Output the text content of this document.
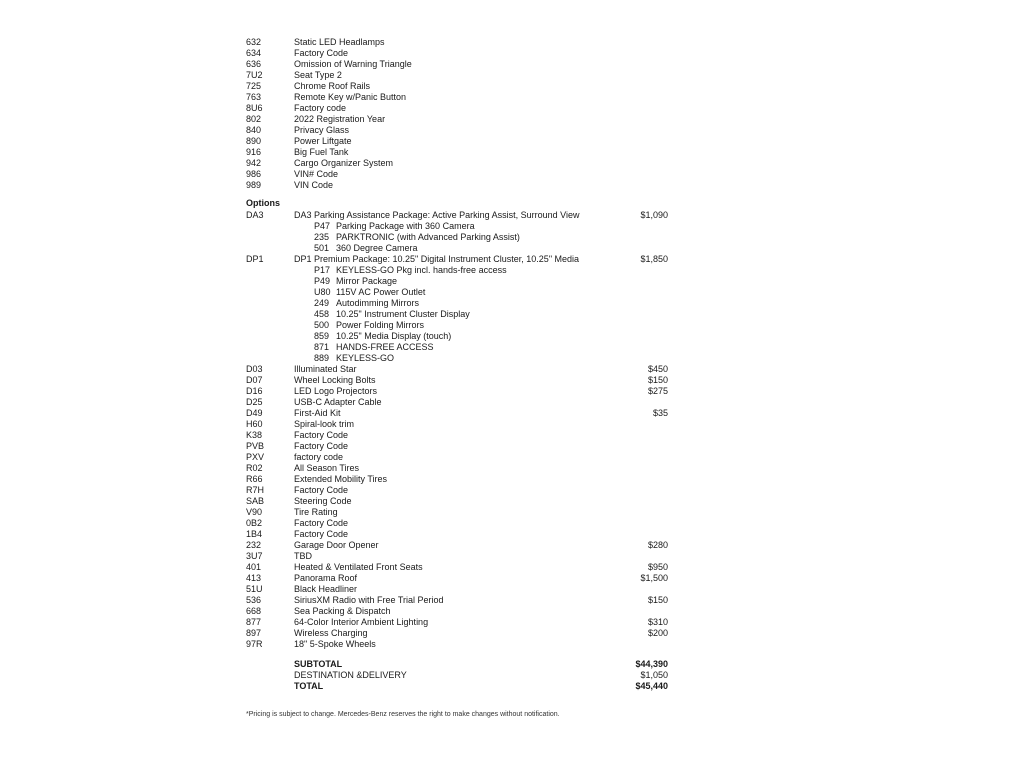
632	Static LED Headlamps
634	Factory Code
636	Omission of Warning Triangle
7U2	Seat Type 2
725	Chrome Roof Rails
763	Remote Key w/Panic Button
8U6	Factory code
802	2022 Registration Year
840	Privacy Glass
890	Power Liftgate
916	Big Fuel Tank
942	Cargo Organizer System
986	VIN# Code
989	VIN Code
Options
DA3	DA3 Parking Assistance Package: Active Parking Assist, Surround View	$1,090
P47 Parking Package with 360 Camera
235 PARKTRONIC (with Advanced Parking Assist)
501 360 Degree Camera
DP1	DP1 Premium Package: 10.25" Digital Instrument Cluster, 10.25" Media	$1,850
P17 KEYLESS-GO Pkg incl. hands-free access
P49 Mirror Package
U80 115V AC Power Outlet
249 Autodimming Mirrors
458 10.25" Instrument Cluster Display
500 Power Folding Mirrors
859 10.25" Media Display (touch)
871 HANDS-FREE ACCESS
889 KEYLESS-GO
D03	Illuminated Star	$450
D07	Wheel Locking Bolts	$150
D16	LED Logo Projectors	$275
D25	USB-C Adapter Cable
D49	First-Aid Kit	$35
H60	Spiral-look trim
K38	Factory Code
PVB	Factory Code
PXV	factory code
R02	All Season Tires
R66	Extended Mobility Tires
R7H	Factory Code
SAB	Steering Code
V90	Tire Rating
0B2	Factory Code
1B4	Factory Code
232	Garage Door Opener	$280
3U7	TBD
401	Heated & Ventilated Front Seats	$950
413	Panorama Roof	$1,500
51U	Black Headliner
536	SiriusXM Radio with Free Trial Period	$150
668	Sea Packing & Dispatch
877	64-Color Interior Ambient Lighting	$310
897	Wireless Charging	$200
97R	18" 5-Spoke Wheels
SUBTOTAL	$44,390
DESTINATION &DELIVERY	$1,050
TOTAL	$45,440
*Pricing is subject to change. Mercedes-Benz reserves the right to make changes without notification.
